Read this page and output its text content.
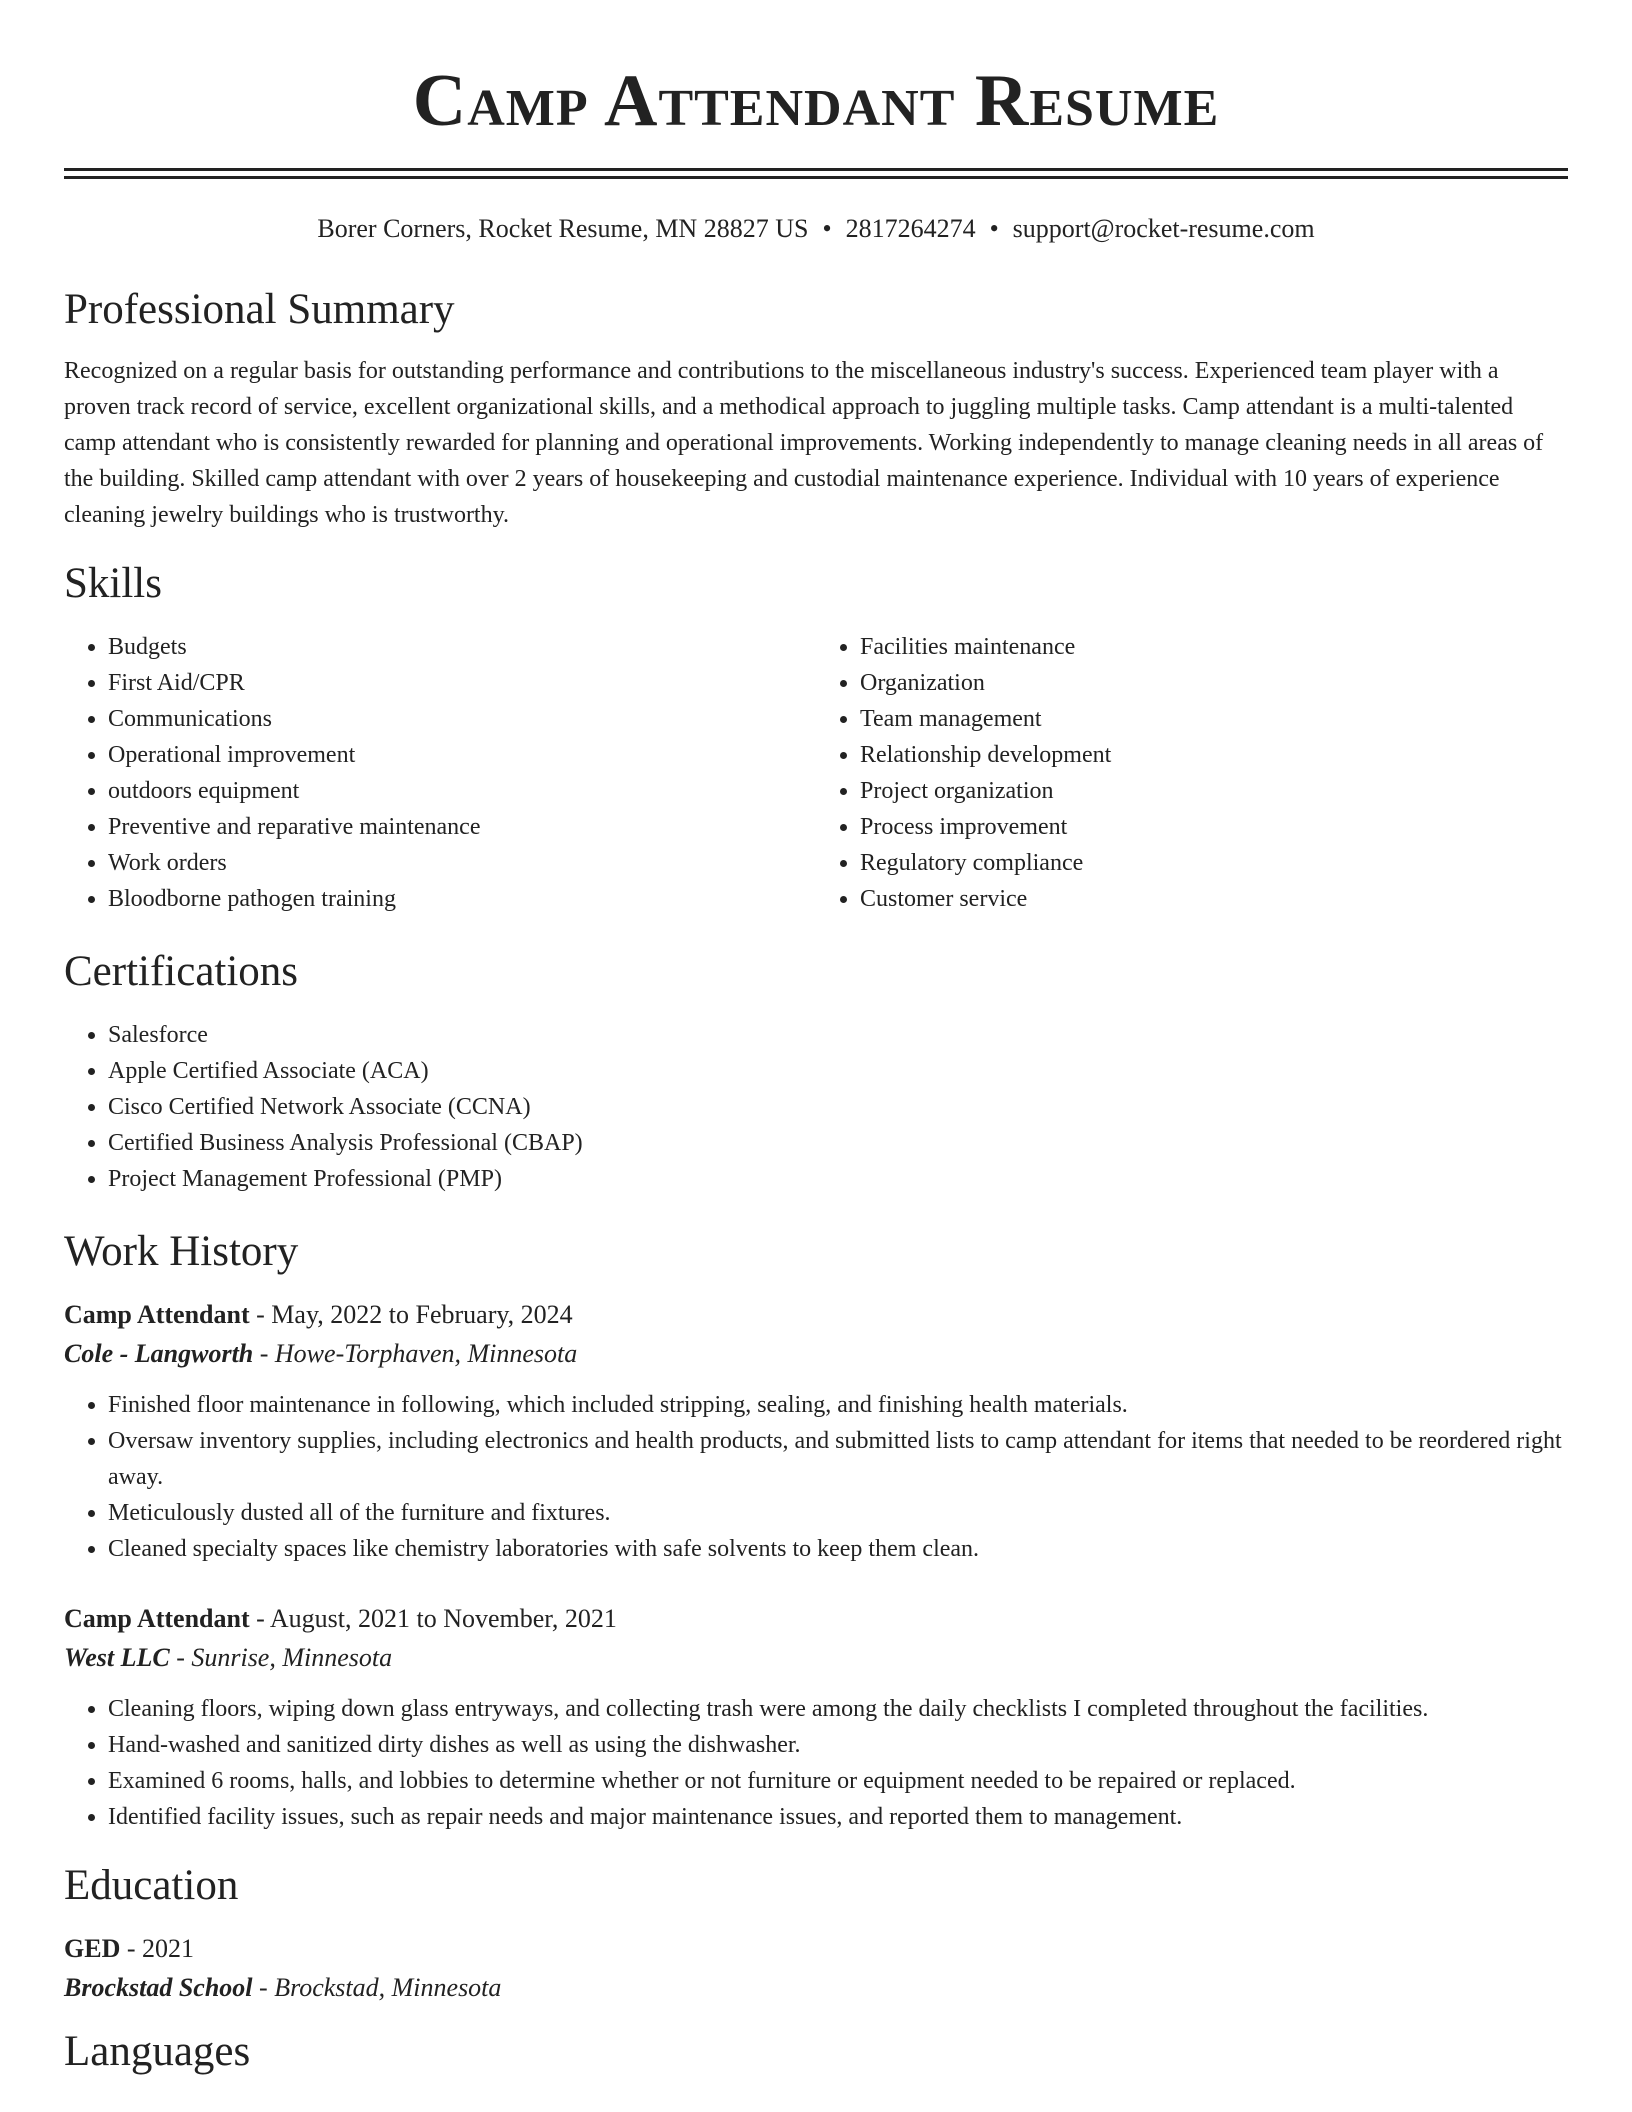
Camp Attendant Resume
Borer Corners, Rocket Resume, MN 28827 US • 2817264274 • support@rocket-resume.com
Professional Summary
Recognized on a regular basis for outstanding performance and contributions to the miscellaneous industry's success. Experienced team player with a proven track record of service, excellent organizational skills, and a methodical approach to juggling multiple tasks. Camp attendant is a multi-talented camp attendant who is consistently rewarded for planning and operational improvements. Working independently to manage cleaning needs in all areas of the building. Skilled camp attendant with over 2 years of housekeeping and custodial maintenance experience. Individual with 10 years of experience cleaning jewelry buildings who is trustworthy.
Skills
• Budgets
• First Aid/CPR
• Communications
• Operational improvement
• outdoors equipment
• Preventive and reparative maintenance
• Work orders
• Bloodborne pathogen training
• Facilities maintenance
• Organization
• Team management
• Relationship development
• Project organization
• Process improvement
• Regulatory compliance
• Customer service
Certifications
• Salesforce
• Apple Certified Associate (ACA)
• Cisco Certified Network Associate (CCNA)
• Certified Business Analysis Professional (CBAP)
• Project Management Professional (PMP)
Work History
Camp Attendant - May, 2022 to February, 2024
Cole - Langworth - Howe-Torphaven, Minnesota
• Finished floor maintenance in following, which included stripping, sealing, and finishing health materials.
• Oversaw inventory supplies, including electronics and health products, and submitted lists to camp attendant for items that needed to be reordered right away.
• Meticulously dusted all of the furniture and fixtures.
• Cleaned specialty spaces like chemistry laboratories with safe solvents to keep them clean.
Camp Attendant - August, 2021 to November, 2021
West LLC - Sunrise, Minnesota
• Cleaning floors, wiping down glass entryways, and collecting trash were among the daily checklists I completed throughout the facilities.
• Hand-washed and sanitized dirty dishes as well as using the dishwasher.
• Examined 6 rooms, halls, and lobbies to determine whether or not furniture or equipment needed to be repaired or replaced.
• Identified facility issues, such as repair needs and major maintenance issues, and reported them to management.
Education
GED - 2021
Brockstad School - Brockstad, Minnesota
Languages
